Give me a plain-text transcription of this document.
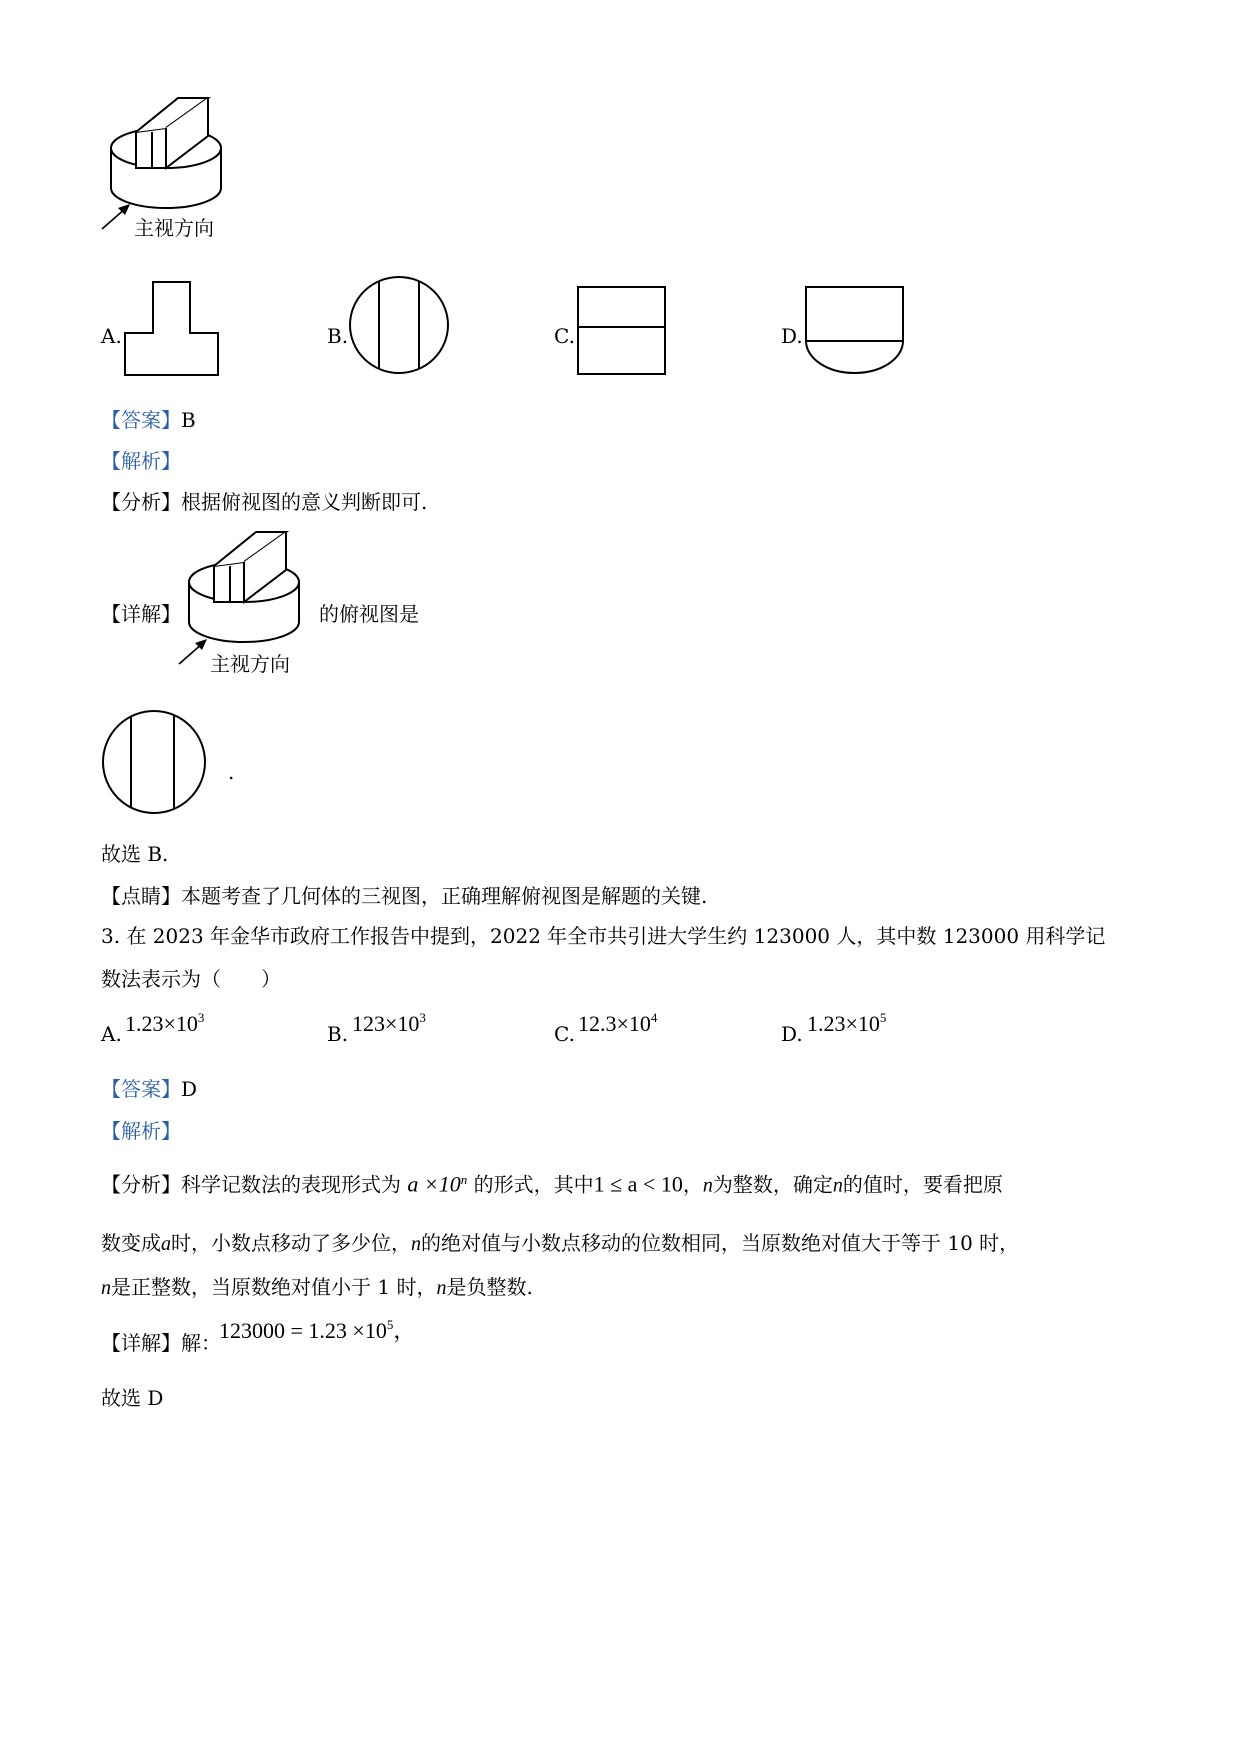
主视方向
A.	B.	C.	D.
【答案】B
【解析】
【分析】根据俯视图的意义判断即可.
【详解】	的俯视图是
主视方向
.
故选 B.
【点睛】本题考查了几何体的三视图，正确理解俯视图是解题的关键.
3. 在 2023 年金华市政府工作报告中提到，2022 年全市共引进大学生约 123000 人，其中数 123000 用科学记
数法表示为（　　）
A. $1.23\times 10^3$
B. $123\times 10^3$
C. $12.3\times 10^4$
D. $1.23\times 10^5$
【答案】D
【解析】
【分析】科学记数法的表现形式为 $a \times 10^n$ 的形式，其中1 ≤ a < 10，n为整数，确定n的值时，要看把原
数变成a时，小数点移动了多少位，n的绝对值与小数点移动的位数相同，当原数绝对值大于等于 10 时，
n是正整数，当原数绝对值小于 1 时，n是负整数.
【详解】解：
$123000 = 1.23 \times 10^5$，
故选 D
